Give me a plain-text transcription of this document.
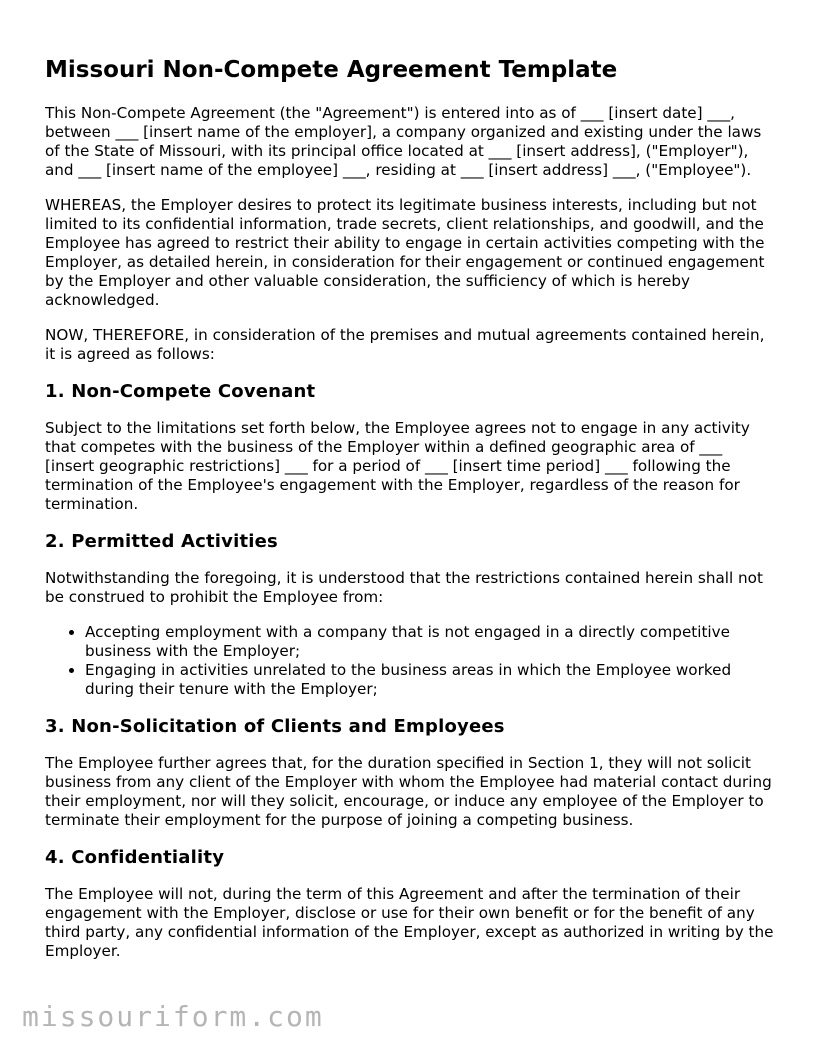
Missouri Non-Compete Agreement Template

This Non-Compete Agreement (the "Agreement") is entered into as of ___ [insert date] ___, between ___ [insert name of the employer], a company organized and existing under the laws of the State of Missouri, with its principal office located at ___ [insert address], ("Employer"), and ___ [insert name of the employee] ___, residing at ___ [insert address] ___, ("Employee").

WHEREAS, the Employer desires to protect its legitimate business interests, including but not limited to its confidential information, trade secrets, client relationships, and goodwill, and the Employee has agreed to restrict their ability to engage in certain activities competing with the Employer, as detailed herein, in consideration for their engagement or continued engagement by the Employer and other valuable consideration, the sufficiency of which is hereby acknowledged.

NOW, THEREFORE, in consideration of the premises and mutual agreements contained herein, it is agreed as follows:

1. Non-Compete Covenant

Subject to the limitations set forth below, the Employee agrees not to engage in any activity that competes with the business of the Employer within a defined geographic area of ___ [insert geographic restrictions] ___ for a period of ___ [insert time period] ___ following the termination of the Employee's engagement with the Employer, regardless of the reason for termination.

2. Permitted Activities

Notwithstanding the foregoing, it is understood that the restrictions contained herein shall not be construed to prohibit the Employee from:

• Accepting employment with a company that is not engaged in a directly competitive business with the Employer;
• Engaging in activities unrelated to the business areas in which the Employee worked during their tenure with the Employer;
3. Non-Solicitation of Clients and Employees

The Employee further agrees that, for the duration specified in Section 1, they will not solicit business from any client of the Employer with whom the Employee had material contact during their employment, nor will they solicit, encourage, or induce any employee of the Employer to terminate their employment for the purpose of joining a competing business.

4. Confidentiality

The Employee will not, during the term of this Agreement and after the termination of their engagement with the Employer, disclose or use for their own benefit or for the benefit of any third party, any confidential information of the Employer, except as authorized in writing by the Employer.

missouriform.com
